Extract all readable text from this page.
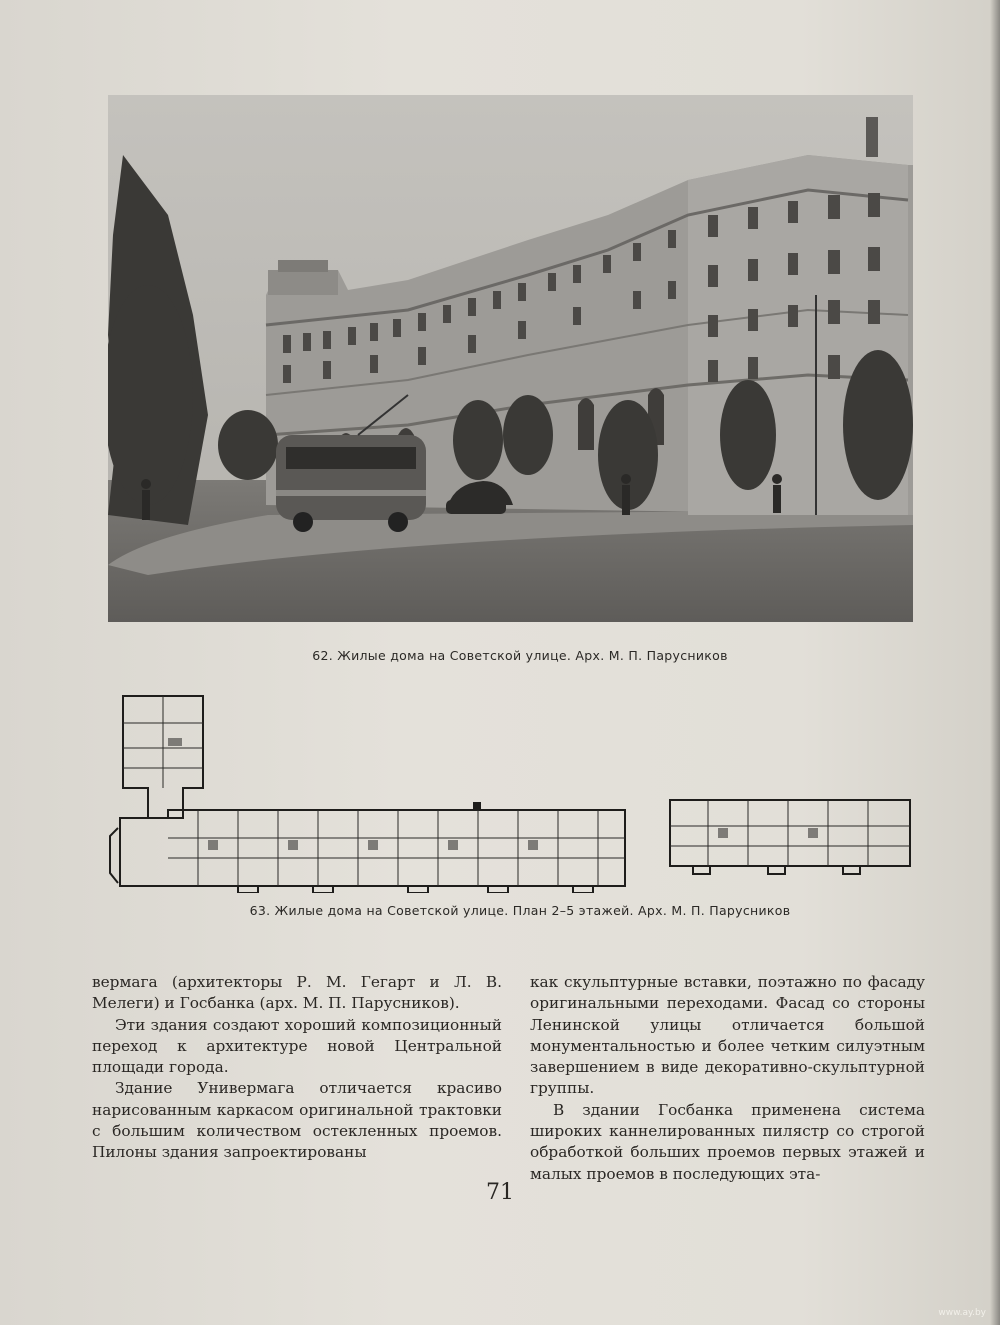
62. Жилые дома на Советской улице. Арх. М. П. Парусников
63. Жилые дома на Советской улице. План 2–5 этажей. Арх. М. П. Парусников

вермага (архитекторы Р. М. Гегарт и Л. В. Мелеги) и Госбанка (арх. М. П. Парусников).

Эти здания создают хороший композиционный переход к архитектуре новой Центральной площади города.

Здание Универмага отличается красиво нарисованным каркасом оригинальной трактовки с большим количеством остекленных проемов. Пилоны здания запроектированы

как скульптурные вставки, поэтажно по фасаду оригинальными переходами. Фасад со стороны Ленинской улицы отличается большой монументальностью и более четким силуэтным завершением в виде декоративно-скульптурной группы.

В здании Госбанка применена система широких каннелированных пилястр со строгой обработкой больших проемов первых этажей и малых проемов в последующих эта-

71
www.ay.by
